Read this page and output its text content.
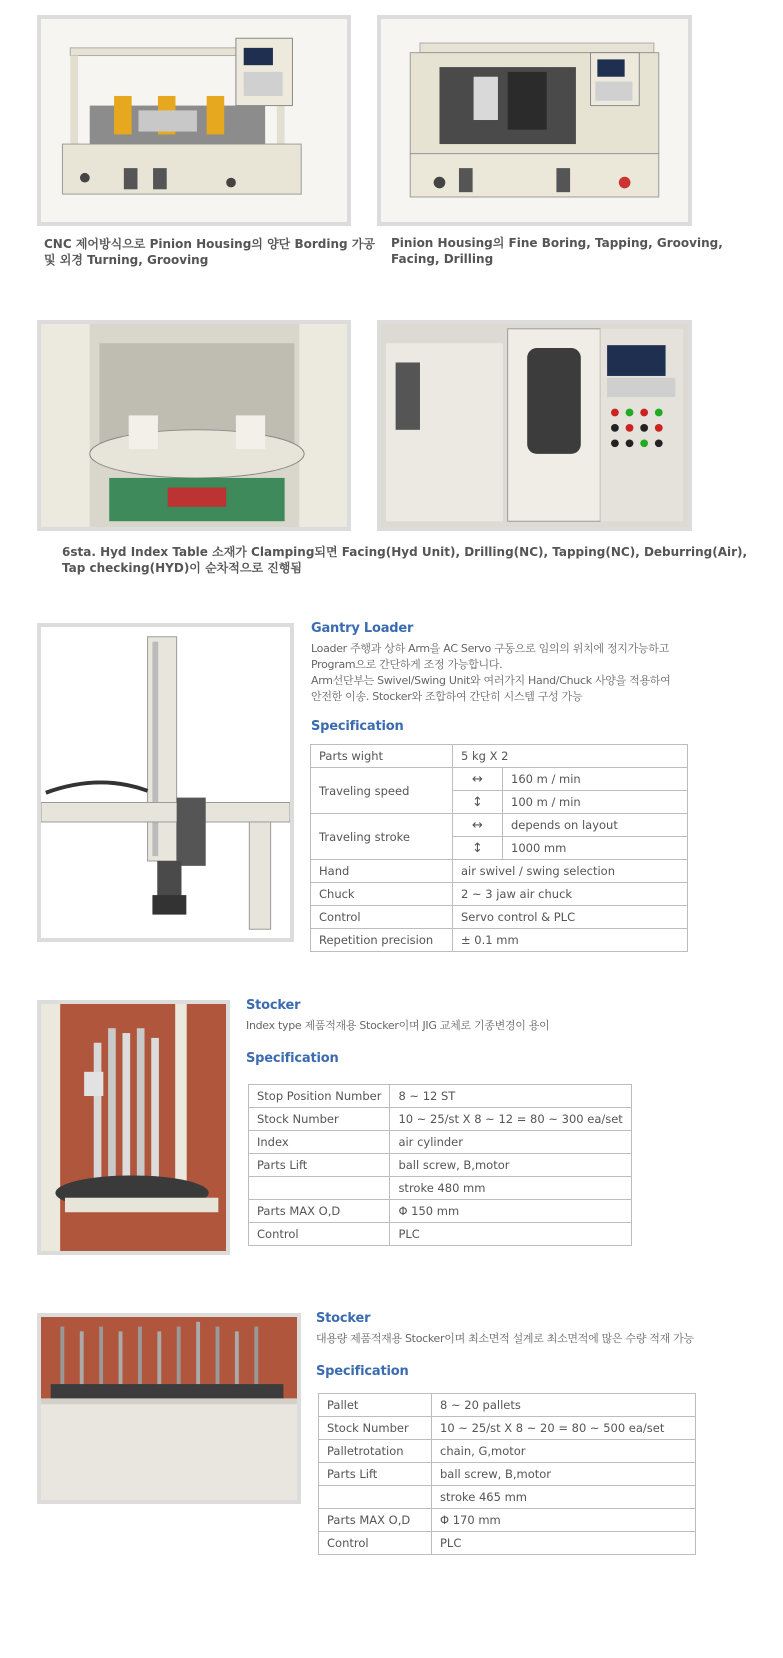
CNC 제어방식으로 Pinion Housing의 양단 Bording 가공
및 외경 Turning, Grooving
Pinion Housing의 Fine Boring, Tapping, Grooving,
Facing, Drilling
6sta. Hyd Index Table 소재가 Clamping되면 Facing(Hyd Unit), Drilling(NC), Tapping(NC), Deburring(Air),
Tap checking(HYD)이 순차적으로 진행됨
Gantry Loader
Loader 주행과 상하 Arm을 AC Servo 구동으로 임의의 위치에 정지가능하고
Program으로 간단하게 조정 가능합니다.
Arm선단부는 Swivel/Swing Unit와 여러가지 Hand/Chuck 사양을 적용하여
안전한 이송. Stocker와 조합하여 간단히 시스템 구성 가능
Specification
Parts wight	5 kg X 2	
Traveling speed	↔	160 m / min
	↕	100 m / min
Traveling stroke	↔	depends on layout
	↕	1000 mm
Hand	air swivel / swing selection	
Chuck	2 ~ 3 jaw air chuck	
Control	Servo control & PLC	
Repetition precision	± 0.1 mm	
Stocker
Index type 제품적재용 Stocker이며 JIG 교체로 기종변경이 용이
Specification
Stop Position Number	8 ~ 12 ST
Stock Number	10 ~ 25/st X 8 ~ 12 = 80 ~ 300 ea/set
Index	air cylinder
Parts Lift	ball screw, B,motor
	stroke 480 mm
Parts MAX O,D	Φ 150 mm
Control	PLC
Stocker
대용량 제품적재용 Stocker이며 최소면적 설계로 최소면적에 많은 수량 적재 가능
Specification
Pallet	8 ~ 20 pallets
Stock Number	10 ~ 25/st X 8 ~ 20 = 80 ~ 500 ea/set
Palletrotation	chain, G,motor
Parts Lift	ball screw, B,motor
	stroke 465 mm
Parts MAX O,D	Φ 170 mm
Control	PLC
